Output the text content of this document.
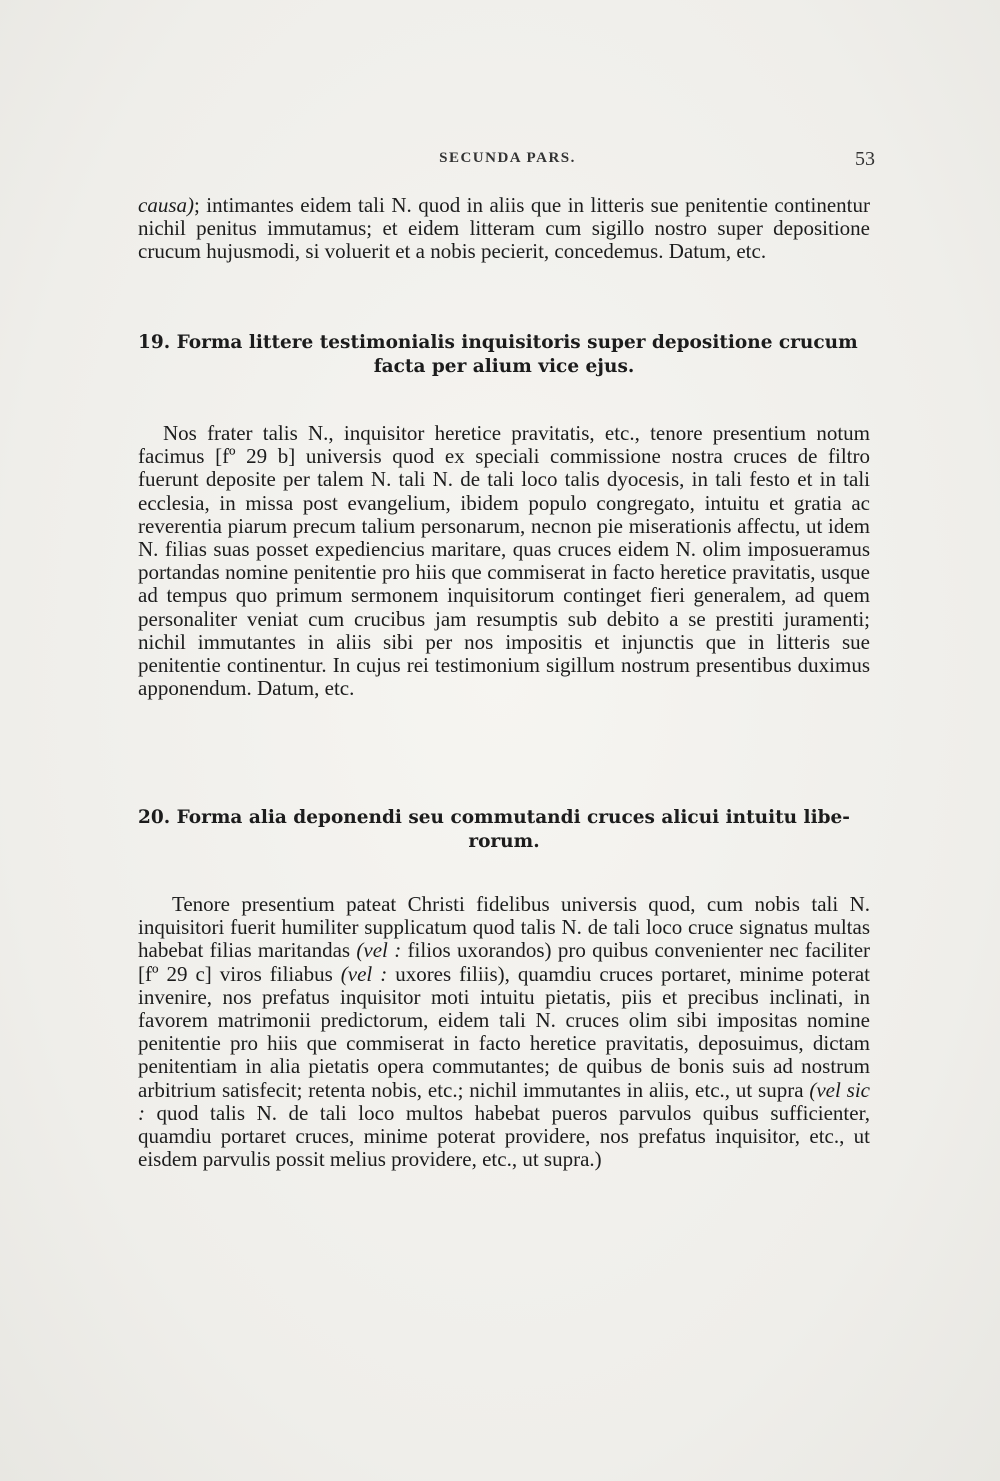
SECUNDA PARS.	53

causa); intimantes eidem tali N. quod in aliis que in litteris sue penitentie continentur nichil penitus immutamus; et eidem litteram cum sigillo nostro super depositione crucum hujusmodi, si voluerit et a nobis pecierit, concedemus. Datum, etc.

19. Forma littere testimonialis inquisitoris super depositione crucum
facta per alium vice ejus.

Nos frater talis N., inquisitor heretice pravitatis, etc., tenore presentium notum facimus [fº 29 b] universis quod ex speciali commissione nostra cruces de filtro fuerunt deposite per talem N. tali N. de tali loco talis dyocesis, in tali festo et in tali ecclesia, in missa post evangelium, ibidem populo congregato, intuitu et gratia ac reverentia piarum precum talium personarum, necnon pie miserationis affectu, ut idem N. filias suas posset expediencius maritare, quas cruces eidem N. olim imposueramus portandas nomine penitentie pro hiis que commiserat in facto heretice pravitatis, usque ad tempus quo primum sermonem inquisitorum continget fieri generalem, ad quem personaliter veniat cum crucibus jam resumptis sub debito a se prestiti juramenti; nichil immutantes in aliis sibi per nos impositis et injunctis que in litteris sue penitentie continentur. In cujus rei testimonium sigillum nostrum presentibus duximus apponendum. Datum, etc.

20. Forma alia deponendi seu commutandi cruces alicui intuitu libe-
rorum.

Tenore presentium pateat Christi fidelibus universis quod, cum nobis tali N. inquisitori fuerit humiliter supplicatum quod talis N. de tali loco cruce signatus multas habebat filias maritandas (vel : filios uxorandos) pro quibus convenienter nec faciliter [fº 29 c] viros filiabus (vel : uxores filiis), quamdiu cruces portaret, minime poterat invenire, nos prefatus inquisitor moti intuitu pietatis, piis et precibus inclinati, in favorem matrimonii predictorum, eidem tali N. cruces olim sibi impositas nomine penitentie pro hiis que commiserat in facto heretice pravitatis, deposuimus, dictam penitentiam in alia pietatis opera commutantes; de quibus de bonis suis ad nostrum arbitrium satisfecit; retenta nobis, etc.; nichil immutantes in aliis, etc., ut supra (vel sic : quod talis N. de tali loco multos habebat pueros parvulos quibus sufficienter, quamdiu portaret cruces, minime poterat providere, nos prefatus inquisitor, etc., ut eisdem parvulis possit melius providere, etc., ut supra.)
